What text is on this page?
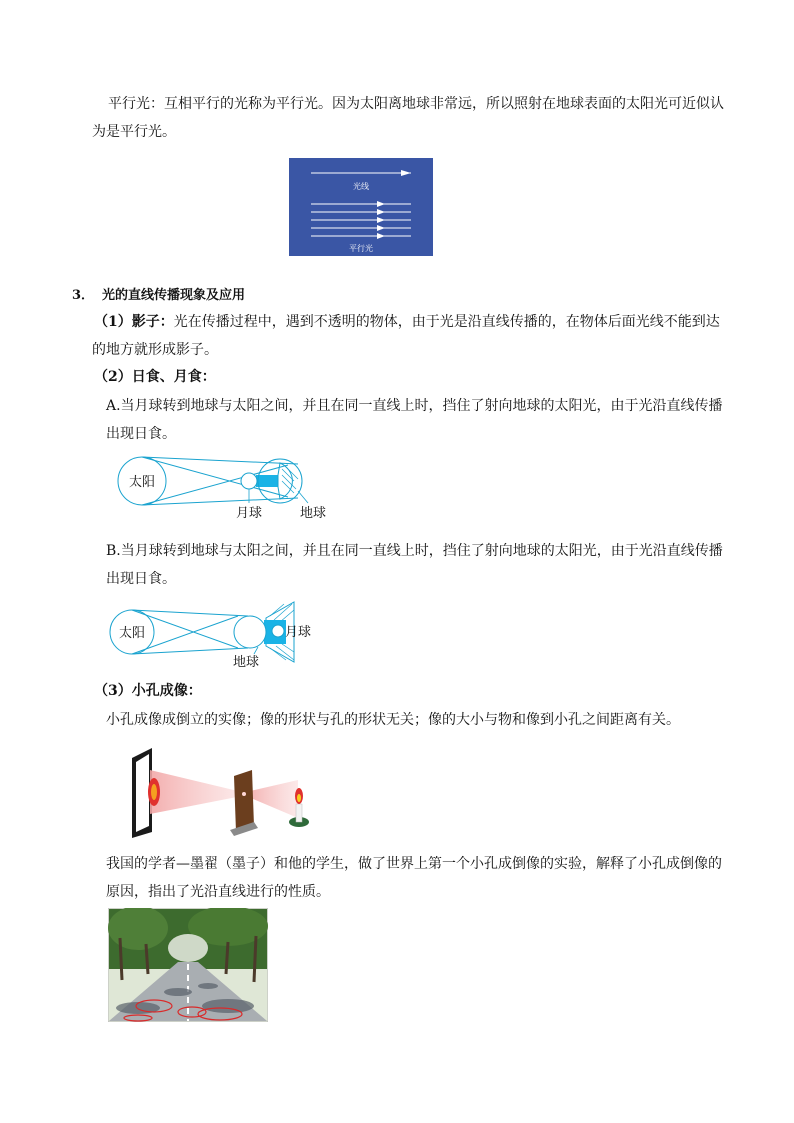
平行光：互相平行的光称为平行光。因为太阳离地球非常远，所以照射在地球表面的太阳光可近似认

为是平行光。

光线
平行光
3． 光的直线传播现象及应用

（1）影子：光在传播过程中，遇到不透明的物体，由于光是沿直线传播的，在物体后面光线不能到达

的地方就形成影子。

（2）日食、月食：

A.当月球转到地球与太阳之间，并且在同一直线上时，挡住了射向地球的太阳光，由于光沿直线传播

出现日食。

太阳
月球	地球

B.当月球转到地球与太阳之间，并且在同一直线上时，挡住了射向地球的太阳光，由于光沿直线传播

出现日食。

太阳	月球
地球

（3）小孔成像：

小孔成像成倒立的实像；像的形状与孔的形状无关；像的大小与物和像到小孔之间距离有关。

我国的学者—墨翟（墨子）和他的学生，做了世界上第一个小孔成倒像的实验，解释了小孔成倒像的

原因，指出了光沿直线进行的性质。
